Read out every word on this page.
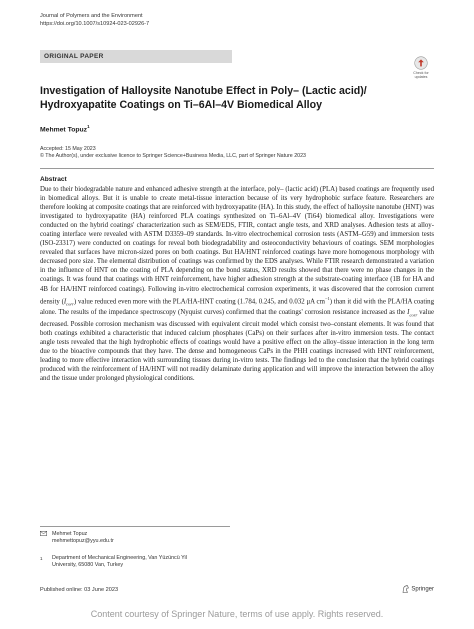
Journal of Polymers and the Environment
https://doi.org/10.1007/s10924-023-02926-7
ORIGINAL PAPER
Check for
updates
Investigation of Halloysite Nanotube Effect in Poly– (Lactic acid)/
Hydroxyapatite Coatings on Ti–6Al–4V Biomedical Alloy
Mehmet Topuz$^1$
Accepted: 15 May 2023
© The Author(s), under exclusive licence to Springer Science+Business Media, LLC, part of Springer Nature 2023
Abstract
Due to their biodegradable nature and enhanced adhesive strength at the interface, poly– (lactic acid) (PLA) based coatings are frequently used in biomedical alloys. But it is unable to create metal-tissue interaction because of its very hydrophobic surface feature. Researchers are therefore looking at composite coatings that are reinforced with hydroxyapatite (HA). In this study, the effect of halloysite nanotube (HNT) was investigated to hydroxyapatite (HA) reinforced PLA coatings synthesized on Ti–6Al–4V (Ti64) biomedical alloy. Investigations were conducted on the hybrid coatings' characterization such as SEM/EDS, FTIR, contact angle tests, and XRD analyses. Adhesion tests at alloy-coating interface were revealed with ASTM D3359–09 standards. In-vitro electrochemical corrosion tests (ASTM–G59) and immersion tests (ISO-23317) were conducted on coatings for reveal both biodegradability and osteoconductivity behaviours of coatings. SEM morphologies revealed that surfaces have micron-sized pores on both coatings. But HA/HNT reinforced coatings have more homogenous morphology with decreased pore size. The elemental distribution of coatings was confirmed by the EDS analyses. While FTIR research demonstrated a variation in the influence of HNT on the coating of PLA depending on the bond status, XRD results showed that there were no phase changes in the coatings. It was found that coatings with HNT reinforcement, have higher adhesion strength at the substrate-coating interface (1B for HA and 4B for HA/HNT reinforced coatings). Following in-vitro electrochemical corrosion experiments, it was discovered that the corrosion current density $(I_{corr})$ value reduced even more with the PLA/HA-HNT coating (1.784, 0.245, and 0.032 μA $cm^{-1}$) than it did with the PLA/HA coating alone. The results of the impedance spectroscopy (Nyquist curves) confirmed that the coatings' corrosion resistance increased as the $I_{corr}$ value decreased. Possible corrosion mechanism was discussed with equivalent circuit model which consist two–constant elements. It was found that both coatings exhibited a characteristic that induced calcium phosphates (CaPs) on their surfaces after in-vitro immersion tests. The contact angle tests revealed that the high hydrophobic effects of coatings would have a positive effect on the alloy–tissue interaction in the long term due to the bioactive compounds that they have. The dense and homogeneous CaPs in the PHH coatings increased with HNT reinforcement, leading to more effective interaction with surrounding tissues during in-vitro tests. The findings led to the conclusion that the hybrid coatings produced with the reinforcement of HA/HNT will not readily delaminate during application and will improve the interaction between the alloy and the tissue under prolonged physiological conditions.
Mehmet Topuz
mehmettopuz@yyu.edu.tr
1	Department of Mechanical Engineering, Van Yüzüncü Yil
University, 65080 Van, Turkey
Published online: 03 June 2023	Springer
Content courtesy of Springer Nature, terms of use apply. Rights reserved.
